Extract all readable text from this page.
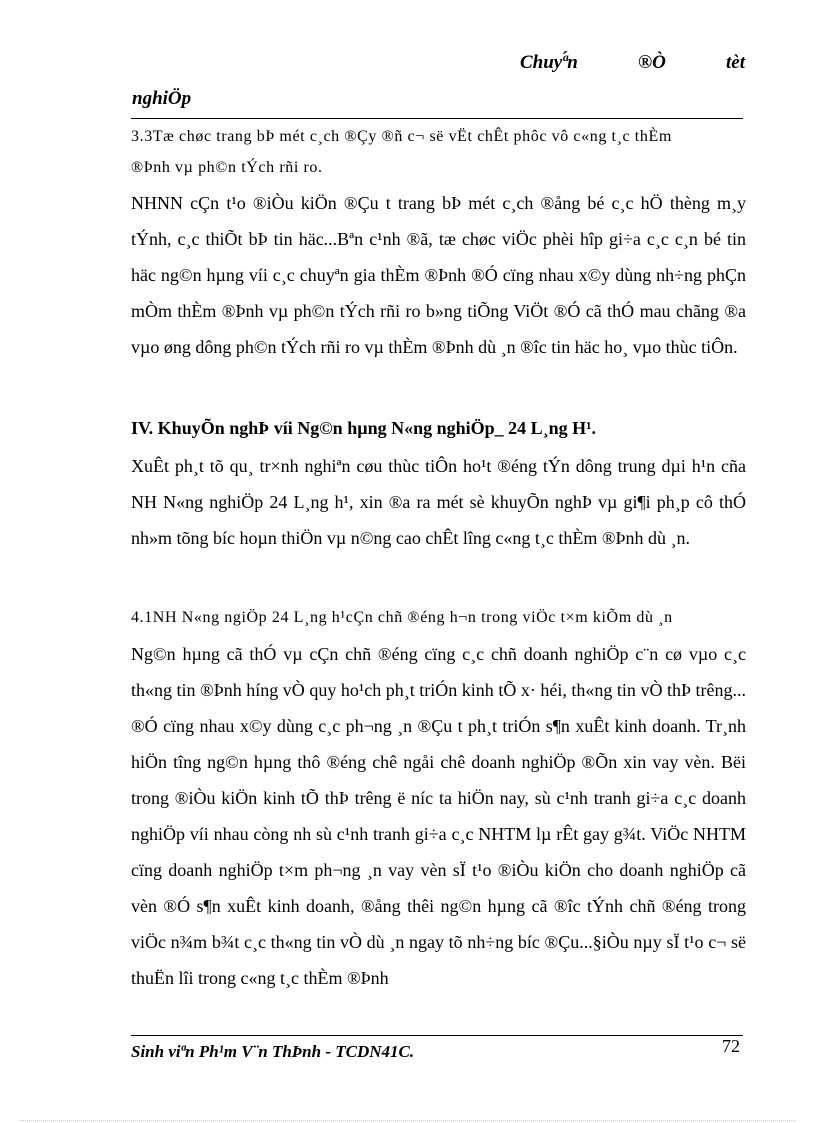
Chuyª́n	®Ò	tèt
nghiÖp
3.3Tæ chøc trang bÞ mét c¸ch ®Çy ®ñ c¬ së vËt chÊt phôc vô c«ng t¸c thÈm
®Þnh vµ ph©n tÝch rñi ro.
NHNN cÇn t¹o ®iÒu kiÖn ®Çu t trang bÞ mét c¸ch ®ång bé c¸c hÖ thèng m¸y tÝnh, c¸c thiÕt bÞ tin häc...Bªn c¹nh ®ã, tæ chøc viÖc phèi hîp gi÷a c¸c c¸n bé tin häc ng©n hµng víi c¸c chuyªn gia thÈm ®Þnh ®Ó cïng nhau x©y dùng nh÷ng phÇn mÒm thÈm ®Þnh vµ ph©n tÝch rñi ro b»ng tiÕng ViÖt ®Ó cã thÓ mau chãng ®a vµo øng dông ph©n tÝch rñi ro vµ thÈm ®Þnh dù ¸n ®îc tin häc ho¸ vµo thùc tiÔn.
IV. KhuyÕn nghÞ víi Ng©n hµng N«ng nghiÖp_ 24 L¸ng H¹.
XuÊt ph¸t tõ qu¸ tr×nh nghiªn cøu thùc tiÔn ho¹t ®éng tÝn dông trung dµi h¹n cña NH N«ng nghiÖp 24 L¸ng h¹, xin ®a ra mét sè khuyÕn nghÞ vµ gi¶i ph¸p cô thÓ nh»m tõng bíc hoµn thiÖn vµ n©ng cao chÊt lîng c«ng t¸c thÈm ®Þnh dù ¸n.
4.1NH N«ng ngiÖp 24 L¸ng h¹cÇn chñ ®éng h¬n trong viÖc t×m kiÕm dù ¸n
Ng©n hµng cã thÓ vµ cÇn chñ ®éng cïng c¸c chñ doanh nghiÖp c¨n cø vµo c¸c th«ng tin ®Þnh híng vÒ quy ho¹ch ph¸t triÓn kinh tÕ x· héi, th«ng tin vÒ thÞ trêng... ®Ó cïng nhau x©y dùng c¸c ph¬ng ¸n ®Çu t ph¸t triÓn s¶n xuÊt kinh doanh. Tr¸nh hiÖn tîng ng©n hµng thô ®éng chê ngåi chê doanh nghiÖp ®Õn xin vay vèn. Bëi trong ®iÒu kiÖn kinh tÕ thÞ trêng ë níc ta hiÖn nay, sù c¹nh tranh gi÷a c¸c doanh nghiÖp víi nhau còng nh sù c¹nh tranh gi÷a c¸c NHTM lµ rÊt gay g¾t. ViÖc NHTM cïng doanh nghiÖp t×m ph¬ng ¸n vay vèn sÏ t¹o ®iÒu kiÖn cho doanh nghiÖp cã vèn ®Ó s¶n xuÊt kinh doanh, ®ång thêi ng©n hµng cã ®îc tÝnh chñ ®éng trong viÖc n¾m b¾t c¸c th«ng tin vÒ dù ¸n ngay tõ nh÷ng bíc ®Çu...§iÒu nµy sÏ t¹o c¬ së thuËn lîi trong c«ng t¸c thÈm ®Þnh
Sinh viªn Ph¹m V¨n ThÞnh - TCDN41C.	72
